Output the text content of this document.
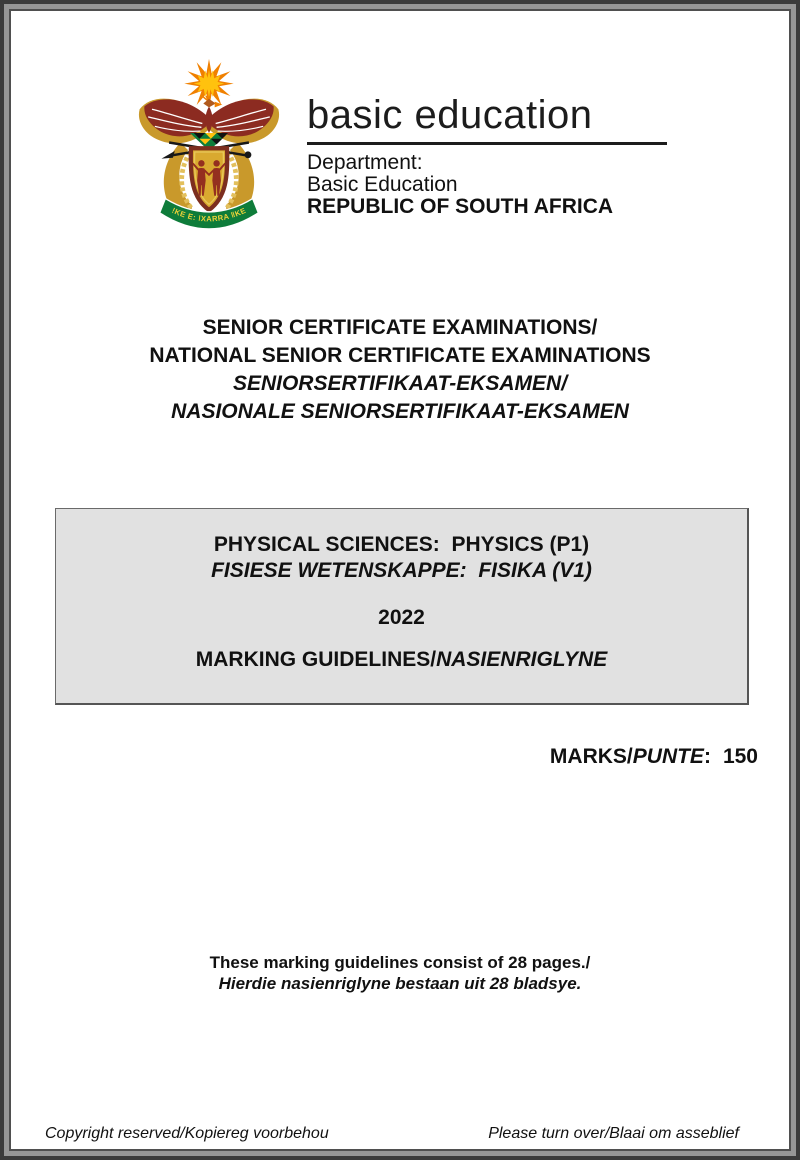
ǃKE E: ǀXARRA ǁKE
basic education
Department:
Basic Education
REPUBLIC OF SOUTH AFRICA
SENIOR CERTIFICATE EXAMINATIONS/
NATIONAL SENIOR CERTIFICATE EXAMINATIONS
SENIORSERTIFIKAAT-EKSAMEN/
NASIONALE SENIORSERTIFIKAAT-EKSAMEN
PHYSICAL SCIENCES:  PHYSICS (P1)
FISIESE WETENSKAPPE:  FISIKA (V1)
2022
MARKING GUIDELINES/NASIENRIGLYNE
MARKS/PUNTE: 150
These marking guidelines consist of 28 pages./
Hierdie nasienriglyne bestaan uit 28 bladsye.
Copyright reserved/Kopiereg voorbehou	Please turn over/Blaai om asseblief
